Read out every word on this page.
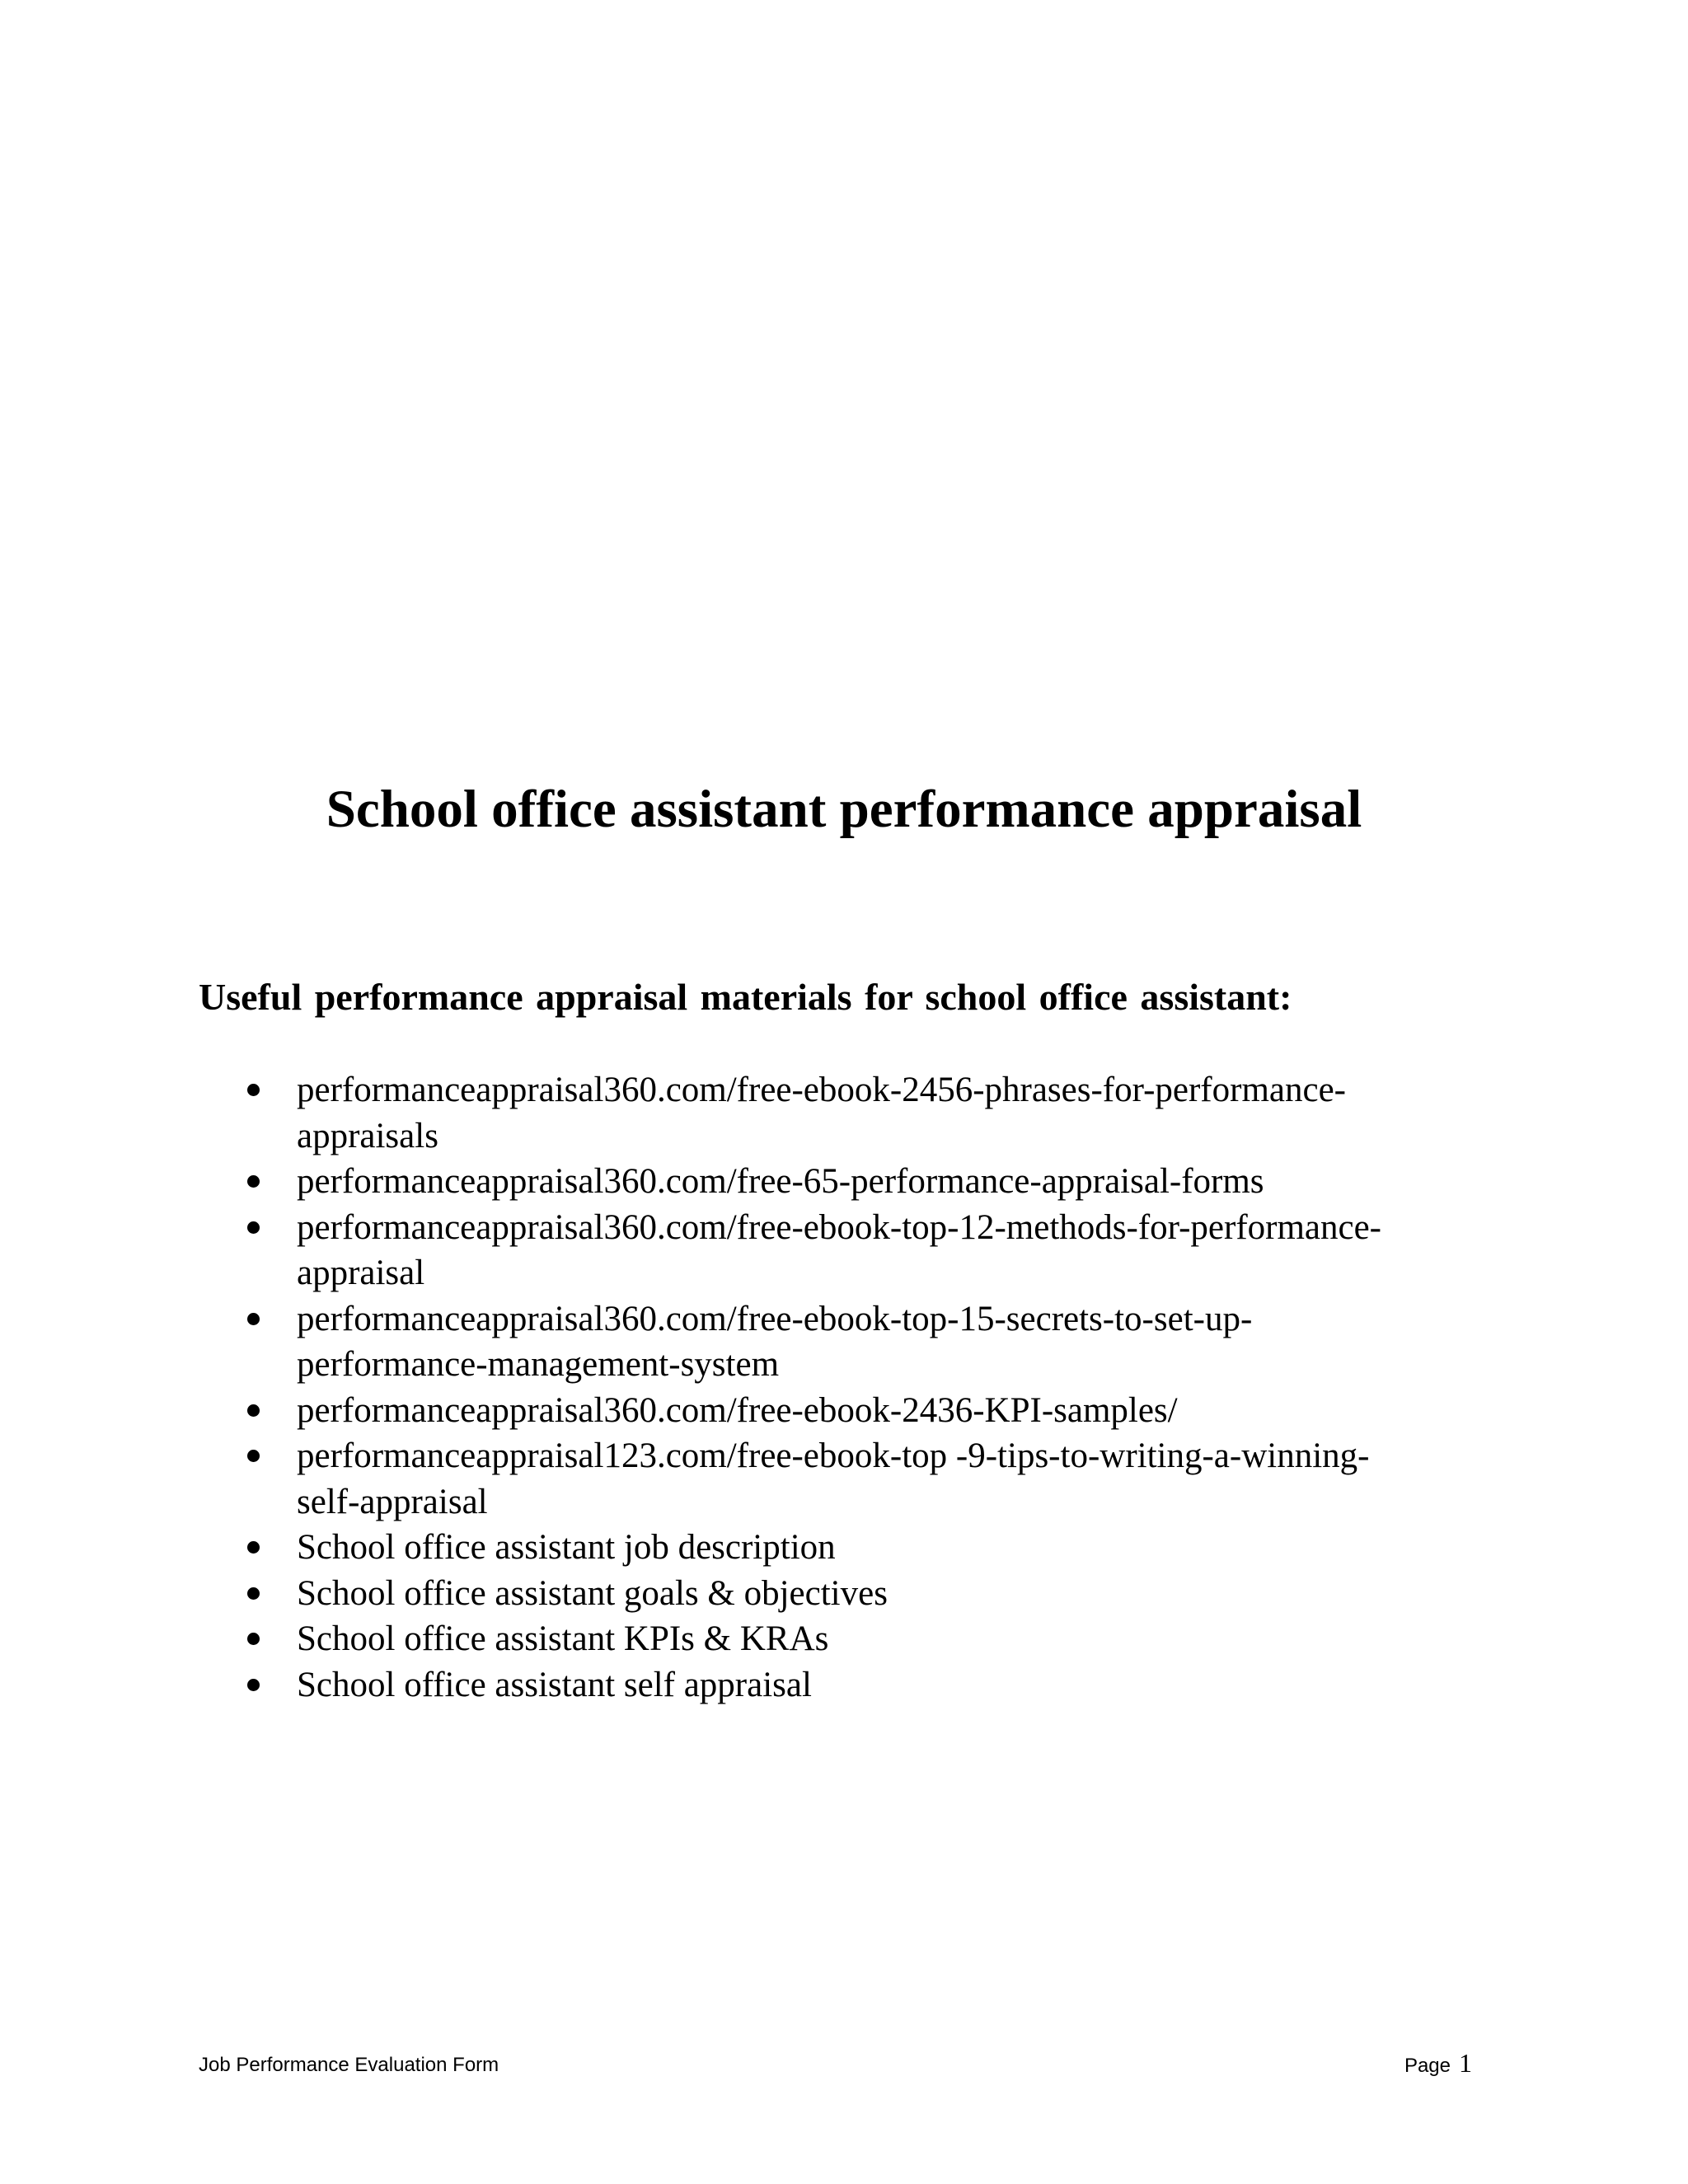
School office assistant performance appraisal
Useful performance appraisal materials for school office assistant:
performanceappraisal360.com/free-ebook-2456-phrases-for-performance-
appraisals
performanceappraisal360.com/free-65-performance-appraisal-forms
performanceappraisal360.com/free-ebook-top-12-methods-for-performance-
appraisal
performanceappraisal360.com/free-ebook-top-15-secrets-to-set-up-
performance-management-system
performanceappraisal360.com/free-ebook-2436-KPI-samples/
performanceappraisal123.com/free-ebook-top -9-tips-to-writing-a-winning-
self-appraisal
School office assistant job description
School office assistant goals & objectives
School office assistant KPIs & KRAs
School office assistant self appraisal
Job Performance Evaluation Form	Page 1
